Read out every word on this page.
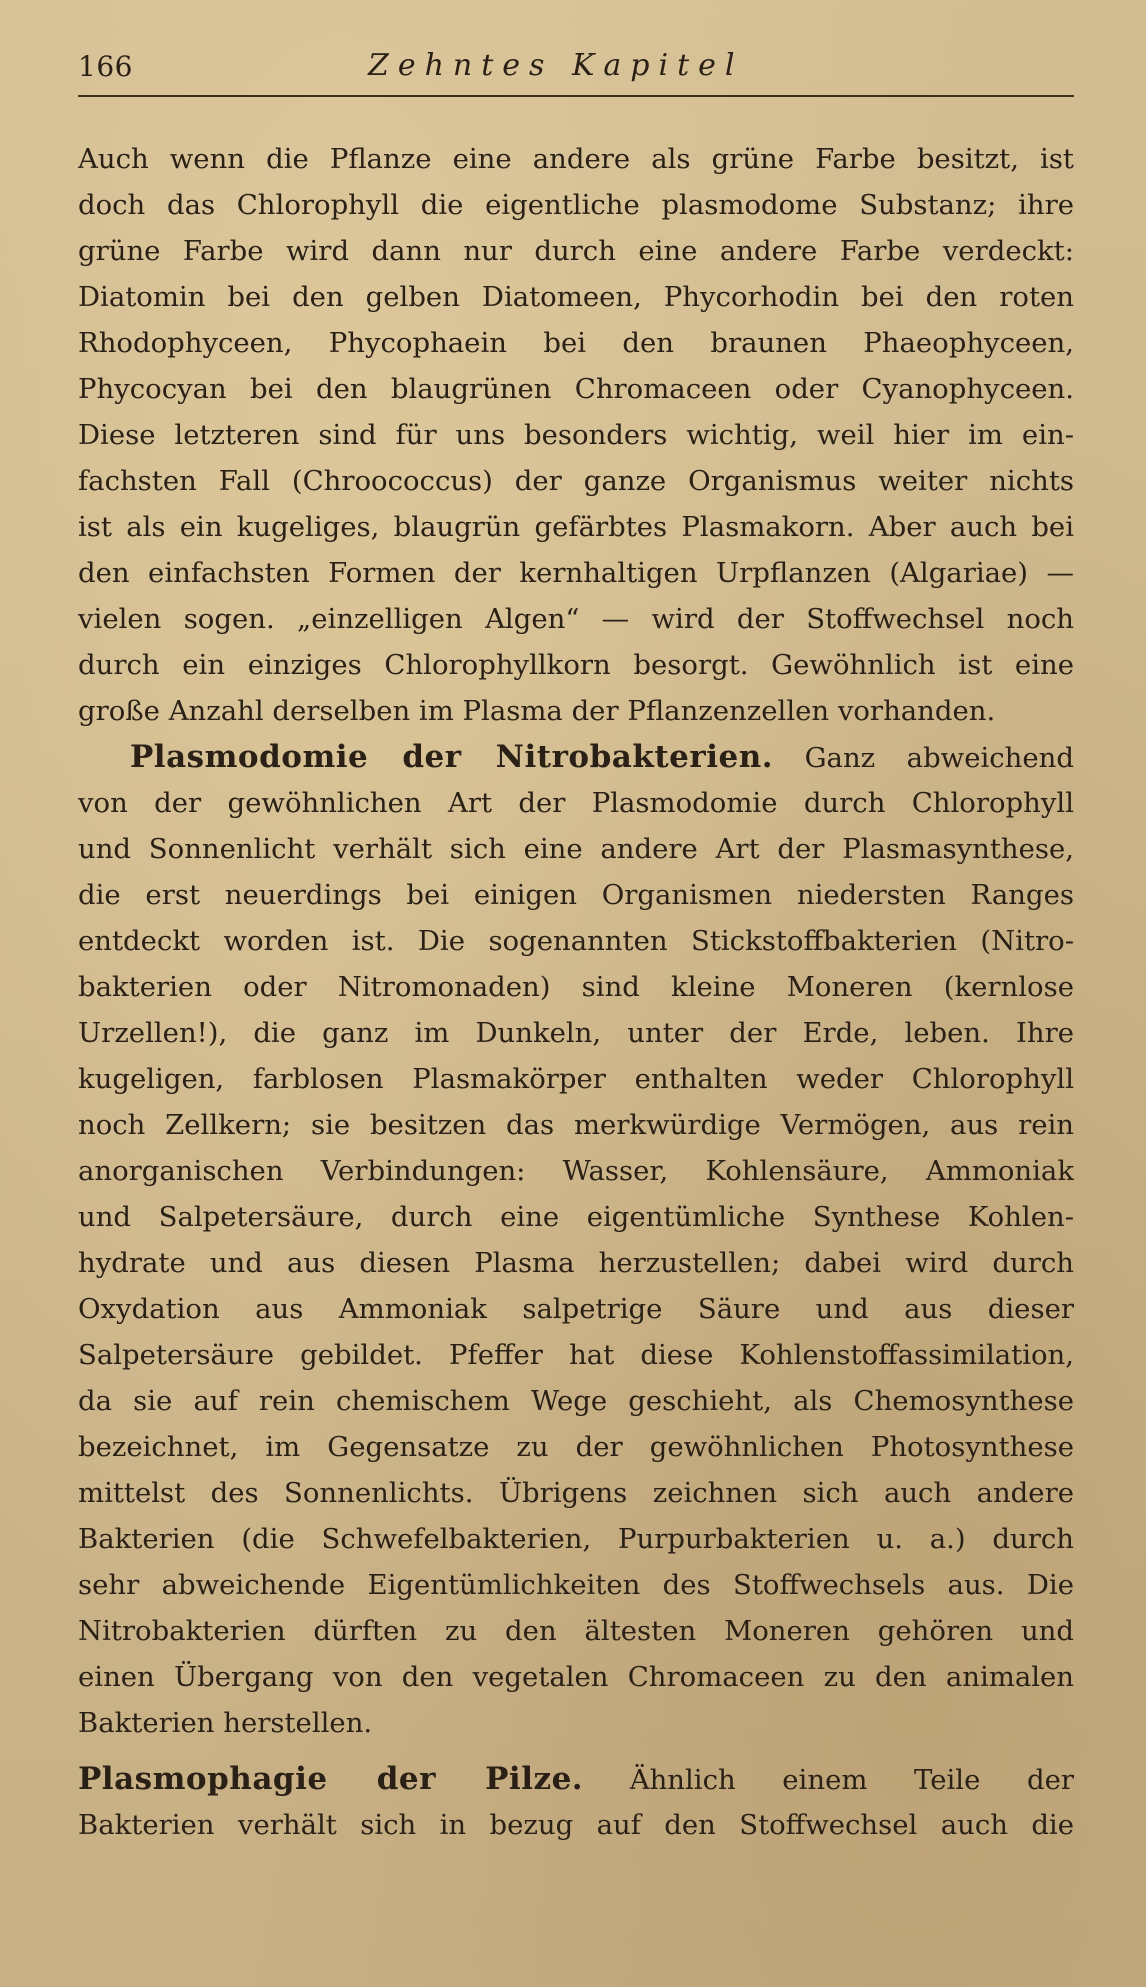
166	Zehntes Kapitel
Auch wenn die Pflanze eine andere als grüne Farbe besitzt, ist
doch das Chlorophyll die eigentliche plasmodome Substanz; ihre
grüne Farbe wird dann nur durch eine andere Farbe verdeckt:
Diatomin bei den gelben Diatomeen, Phycorhodin bei den roten
Rhodophyceen, Phycophaein bei den braunen Phaeophyceen,
Phycocyan bei den blaugrünen Chromaceen oder Cyanophyceen.
Diese letzteren sind für uns besonders wichtig, weil hier im ein-
fachsten Fall (Chroococcus) der ganze Organismus weiter nichts
ist als ein kugeliges, blaugrün gefärbtes Plasmakorn. Aber auch bei
den einfachsten Formen der kernhaltigen Urpflanzen (Algariae) —
vielen sogen. „einzelligen Algen“ — wird der Stoffwechsel noch
durch ein einziges Chlorophyllkorn besorgt. Gewöhnlich ist eine
große Anzahl derselben im Plasma der Pflanzenzellen vorhanden.
Plasmodomie der Nitrobakterien. Ganz abweichend
von der gewöhnlichen Art der Plasmodomie durch Chlorophyll
und Sonnenlicht verhält sich eine andere Art der Plasmasynthese,
die erst neuerdings bei einigen Organismen niedersten Ranges
entdeckt worden ist. Die sogenannten Stickstoffbakterien (Nitro-
bakterien oder Nitromonaden) sind kleine Moneren (kernlose
Urzellen!), die ganz im Dunkeln, unter der Erde, leben. Ihre
kugeligen, farblosen Plasmakörper enthalten weder Chlorophyll
noch Zellkern; sie besitzen das merkwürdige Vermögen, aus rein
anorganischen Verbindungen: Wasser, Kohlensäure, Ammoniak
und Salpetersäure, durch eine eigentümliche Synthese Kohlen-
hydrate und aus diesen Plasma herzustellen; dabei wird durch
Oxydation aus Ammoniak salpetrige Säure und aus dieser
Salpetersäure gebildet. Pfeffer hat diese Kohlenstoffassimilation,
da sie auf rein chemischem Wege geschieht, als Chemosynthese
bezeichnet, im Gegensatze zu der gewöhnlichen Photosynthese
mittelst des Sonnenlichts. Übrigens zeichnen sich auch andere
Bakterien (die Schwefelbakterien, Purpurbakterien u. a.) durch
sehr abweichende Eigentümlichkeiten des Stoffwechsels aus. Die
Nitrobakterien dürften zu den ältesten Moneren gehören und
einen Übergang von den vegetalen Chromaceen zu den animalen
Bakterien herstellen.
Plasmophagie der Pilze. Ähnlich einem Teile der
Bakterien verhält sich in bezug auf den Stoffwechsel auch die
